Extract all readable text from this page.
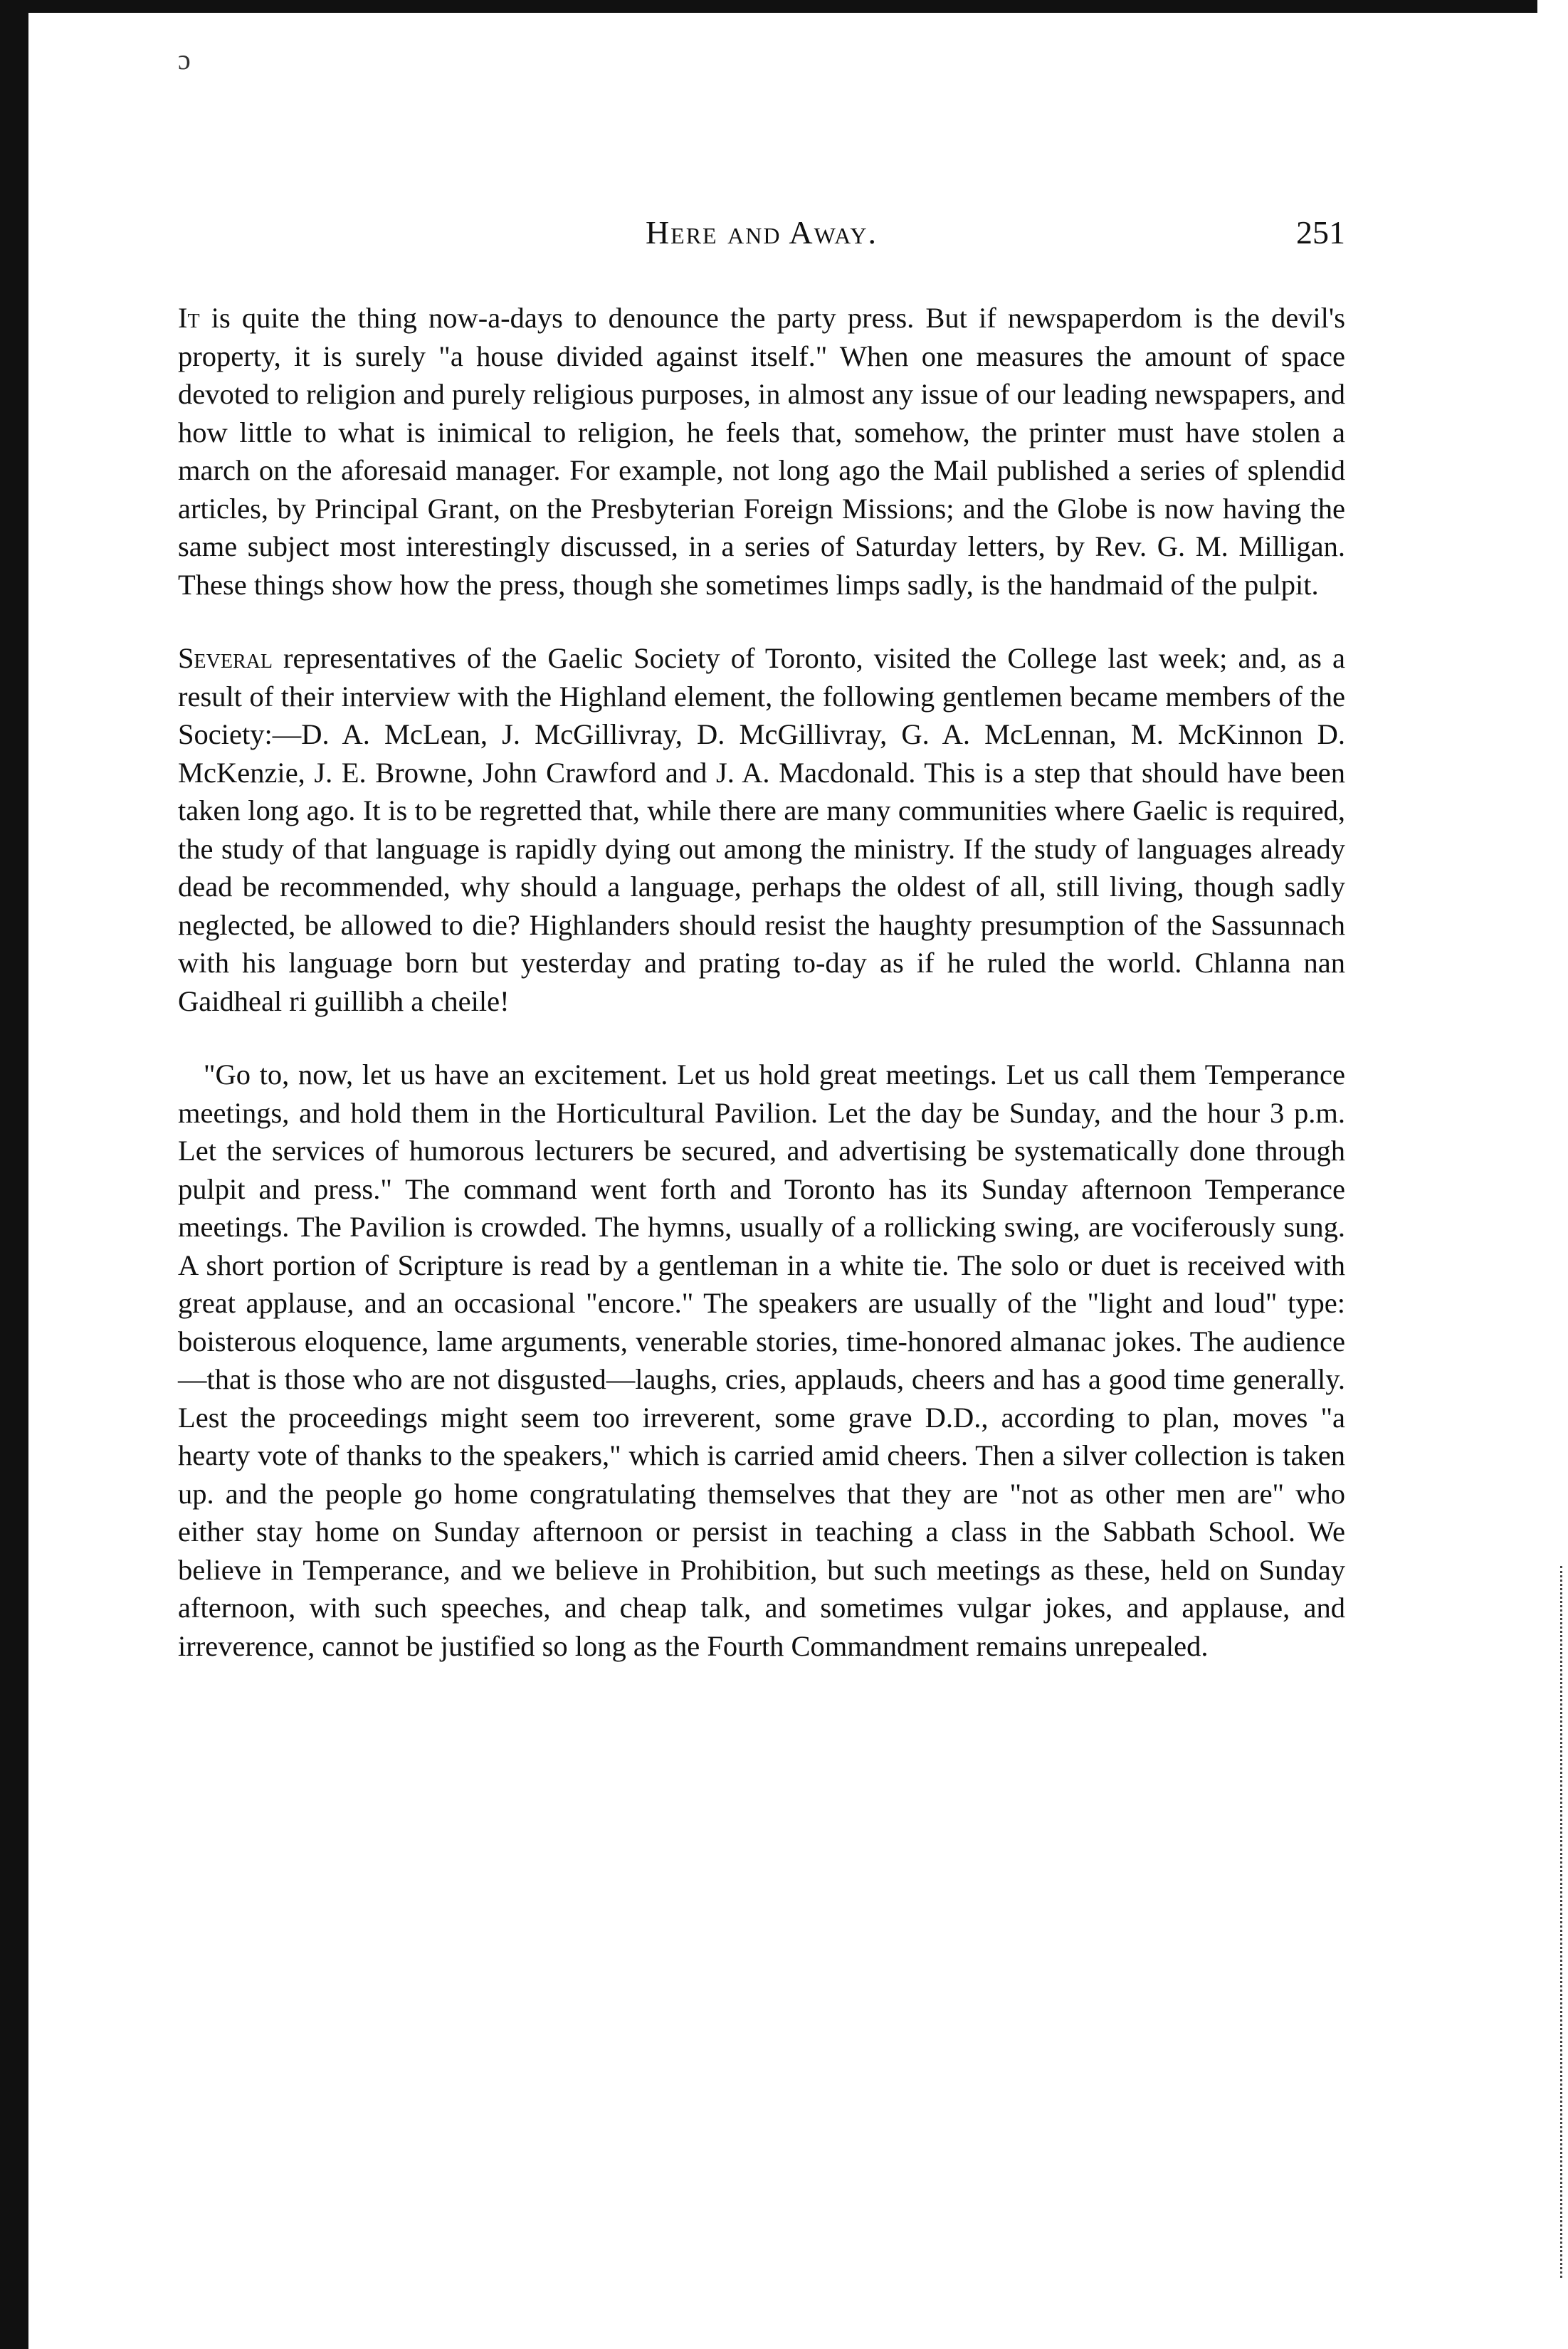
ɔ
Here and Away.	251

It is quite the thing now-a-days to denounce the party press. But if newspaperdom is the devil's property, it is surely "a house divided against itself." When one measures the amount of space devoted to religion and purely religious purposes, in almost any issue of our leading newspapers, and how little to what is inimical to religion, he feels that, somehow, the printer must have stolen a march on the aforesaid manager. For example, not long ago the Mail published a series of splendid articles, by Principal Grant, on the Presbyterian Foreign Missions; and the Globe is now having the same subject most interestingly discussed, in a series of Saturday letters, by Rev. G. M. Milligan. These things show how the press, though she sometimes limps sadly, is the handmaid of the pulpit.

Several representatives of the Gaelic Society of Toronto, visited the College last week; and, as a result of their interview with the Highland element, the following gentlemen became members of the Society:—D. A. McLean, J. McGillivray, D. McGillivray, G. A. McLennan, M. McKinnon D. McKenzie, J. E. Browne, John Crawford and J. A. Macdonald. This is a step that should have been taken long ago. It is to be regretted that, while there are many communities where Gaelic is required, the study of that language is rapidly dying out among the ministry. If the study of languages already dead be recommended, why should a language, perhaps the oldest of all, still living, though sadly neglected, be allowed to die? Highlanders should resist the haughty presumption of the Sassunnach with his language born but yesterday and prating to-day as if he ruled the world. Chlanna nan Gaidheal ri guillibh a cheile!

"Go to, now, let us have an excitement. Let us hold great meetings. Let us call them Temperance meetings, and hold them in the Horticultural Pavilion. Let the day be Sunday, and the hour 3 p.m. Let the services of humorous lecturers be secured, and advertising be systematically done through pulpit and press." The command went forth and Toronto has its Sunday afternoon Temperance meetings. The Pavilion is crowded. The hymns, usually of a rollicking swing, are vociferously sung. A short portion of Scripture is read by a gentleman in a white tie. The solo or duet is received with great applause, and an occasional "encore." The speakers are usually of the "light and loud" type: boisterous eloquence, lame arguments, venerable stories, time-honored almanac jokes. The audience —that is those who are not disgusted—laughs, cries, applauds, cheers and has a good time generally. Lest the proceedings might seem too irreverent, some grave D.D., according to plan, moves "a hearty vote of thanks to the speakers," which is carried amid cheers. Then a silver collection is taken up. and the people go home congratulating themselves that they are "not as other men are" who either stay home on Sunday afternoon or persist in teaching a class in the Sabbath School. We believe in Temperance, and we believe in Prohibition, but such meetings as these, held on Sunday afternoon, with such speeches, and cheap talk, and sometimes vulgar jokes, and applause, and irreverence, cannot be justified so long as the Fourth Commandment remains unrepealed.
